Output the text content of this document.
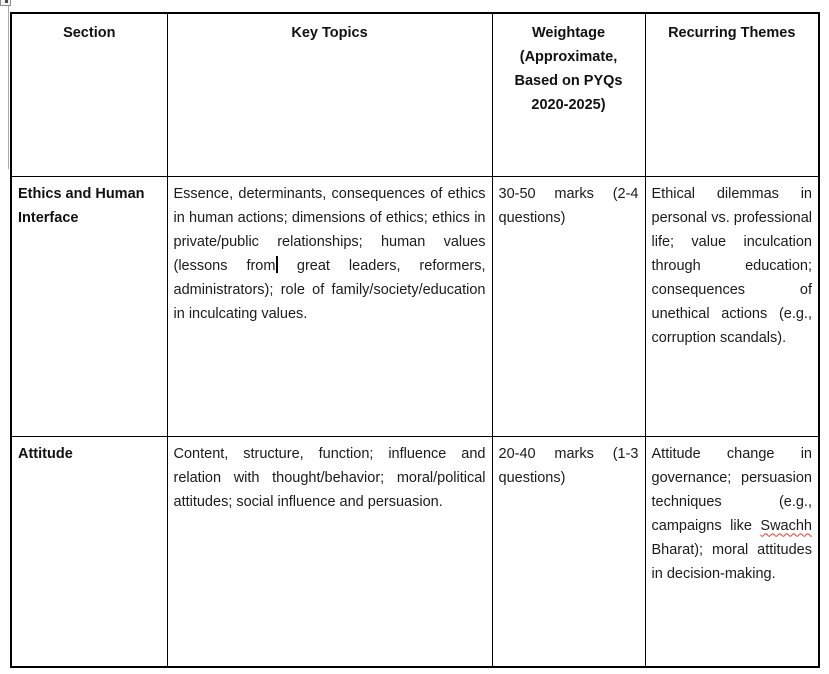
Section	Key Topics	Weightage (Approximate, Based on PYQs 2020-2025)	Recurring Themes
Ethics and Human Interface	Essence, determinants, consequences of ethics in human actions; dimensions of ethics; ethics in private/public relationships; human values (lessons from great leaders, reformers, administrators); role of family/society/education in inculcating values.	30-50 marks (2-4 questions)	Ethical dilemmas in personal vs. professional life; value inculcation through education; consequences of unethical actions (e.g., corruption scandals).
Attitude	Content, structure, function; influence and relation with thought/behavior; moral/political attitudes; social influence and persuasion.	20-40 marks (1-3 questions)	Attitude change in governance; persuasion techniques (e.g., campaigns like Swachh Bharat); moral attitudes in decision-making.
